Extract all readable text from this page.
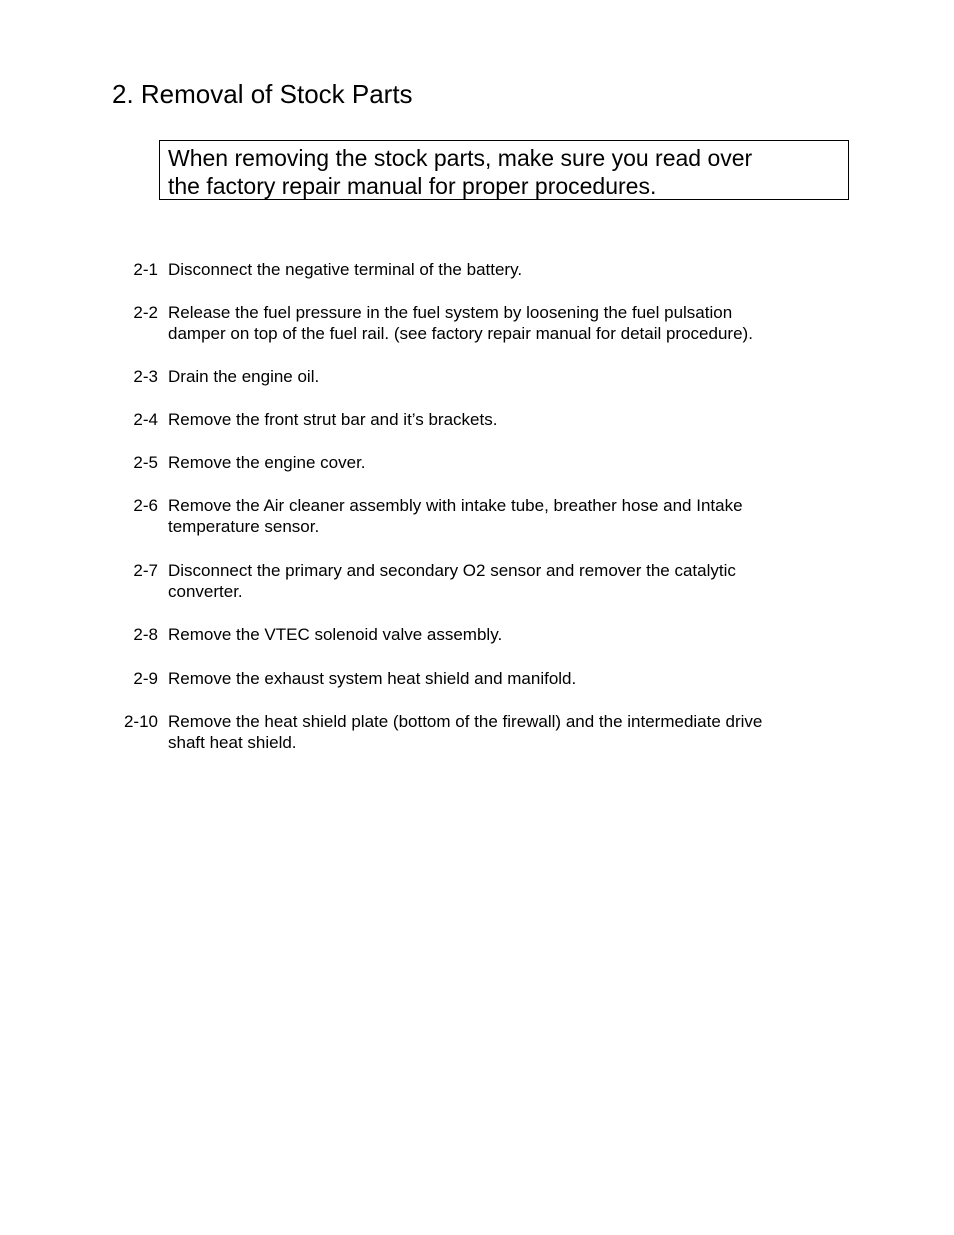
2. Removal of Stock Parts
When removing the stock parts, make sure you read over
the factory repair manual for proper procedures.
2-1 Disconnect the negative terminal of the battery.
2-2 Release the fuel pressure in the fuel system by loosening the fuel pulsation
damper on top of the fuel rail. (see factory repair manual for detail procedure).
2-3 Drain the engine oil.
2-4 Remove the front strut bar and it’s brackets.
2-5 Remove the engine cover.
2-6 Remove the Air cleaner assembly with intake tube, breather hose and Intake
temperature sensor.
2-7 Disconnect the primary and secondary O2 sensor and remover the catalytic
converter.
2-8 Remove the VTEC solenoid valve assembly.
2-9 Remove the exhaust system heat shield and manifold.
2-10 Remove the heat shield plate (bottom of the firewall) and the intermediate drive
shaft heat shield.
